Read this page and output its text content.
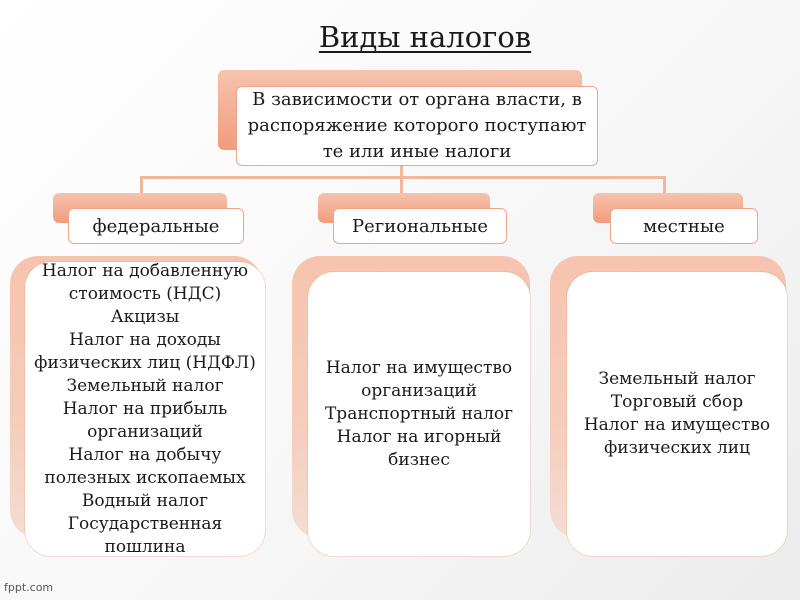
Виды налогов
В зависимости от органа власти, в распоряжение которого поступают те или иные налоги
федеральные	Региональные	местные
Налог на добавленную стоимость (НДС)
Акцизы
Налог на доходы физических лиц (НДФЛ)
Земельный налог
Налог на прибыль организаций
Налог на добычу полезных ископаемых
Водный налог
Государственная пошлина
Налог на имущество организаций
Транспортный налог
Налог на игорный бизнес
Земельный налог
Торговый сбор
Налог на имущество физических лиц
fppt.com
